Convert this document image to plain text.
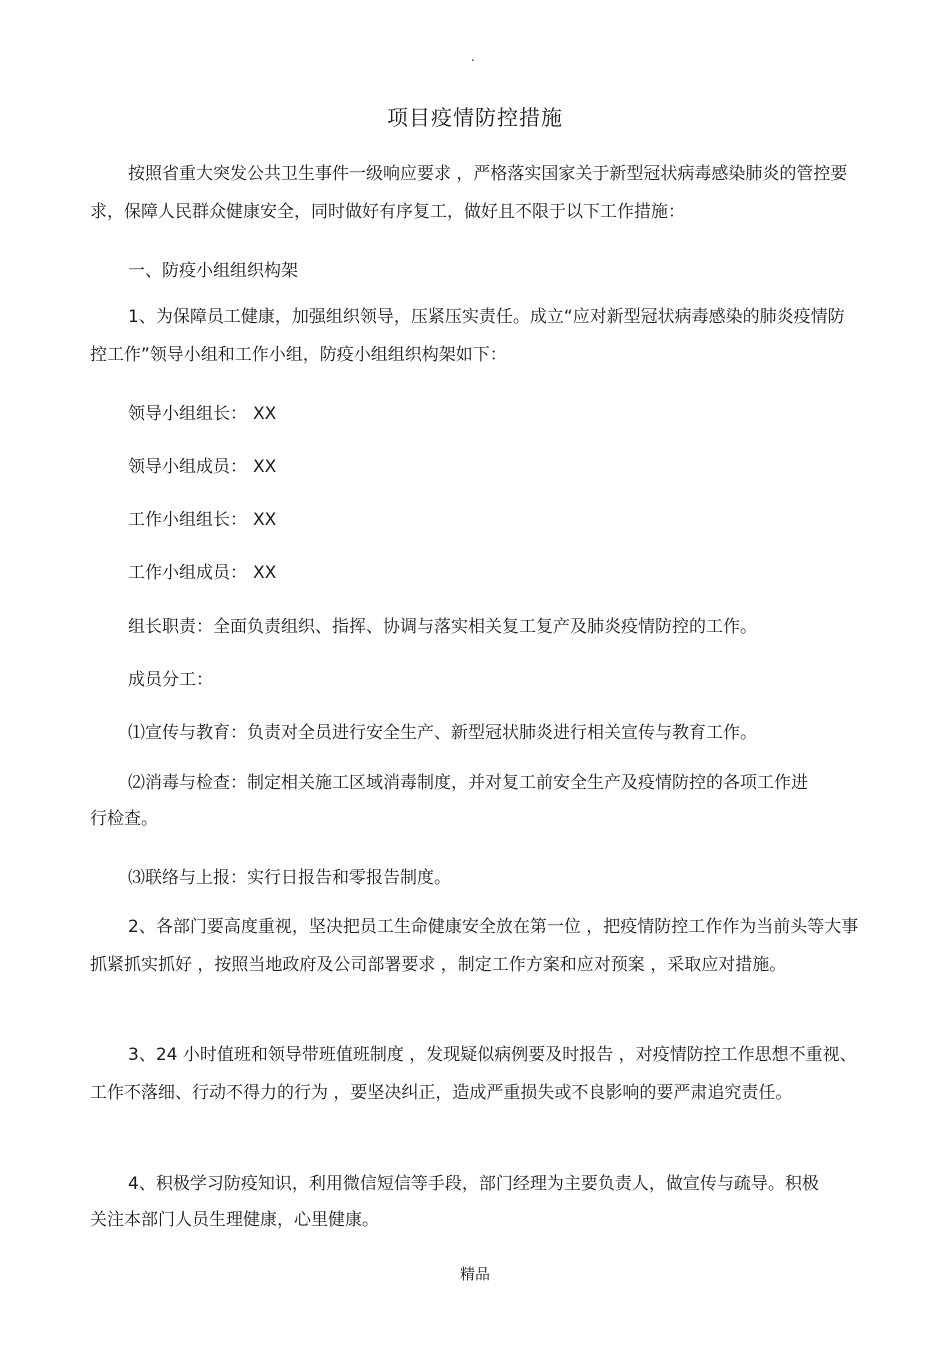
.
项目疫情防控措施

按照省重大突发公共卫生事件一级响应要求 ，严格落实国家关于新型冠状病毒感染肺炎的管控要求，保障人民群众健康安全，同时做好有序复工，做好且不限于以下工作措施：

一、防疫小组组织构架

1、为保障员工健康，加强组织领导，压紧压实责任。成立“应对新型冠状病毒感染的肺炎疫情防控工作”领导小组和工作小组，防疫小组组织构架如下：

领导小组组长： XX
领导小组成员： XX
工作小组组长： XX
工作小组成员： XX
组长职责：全面负责组织、指挥、协调与落实相关复工复产及肺炎疫情防控的工作。
成员分工：
⑴宣传与教育：负责对全员进行安全生产、新型冠状肺炎进行相关宣传与教育工作。

⑵消毒与检查：制定相关施工区域消毒制度，并对复工前安全生产及疫情防控的各项工作进行检查。

⑶联络与上报：实行日报告和零报告制度。

2、各部门要高度重视，坚决把员工生命健康安全放在第一位 ，把疫情防控工作作为当前头等大事抓紧抓实抓好 ，按照当地政府及公司部署要求 ，制定工作方案和应对预案 ，采取应对措施。

3、24 小时值班和领导带班值班制度 ，发现疑似病例要及时报告 ，对疫情防控工作思想不重视、工作不落细、行动不得力的行为 ，要坚决纠正，造成严重损失或不良影响的要严肃追究责任。

4、积极学习防疫知识，利用微信短信等手段，部门经理为主要负责人，做宣传与疏导。积极关注本部门人员生理健康，心里健康。

精品
